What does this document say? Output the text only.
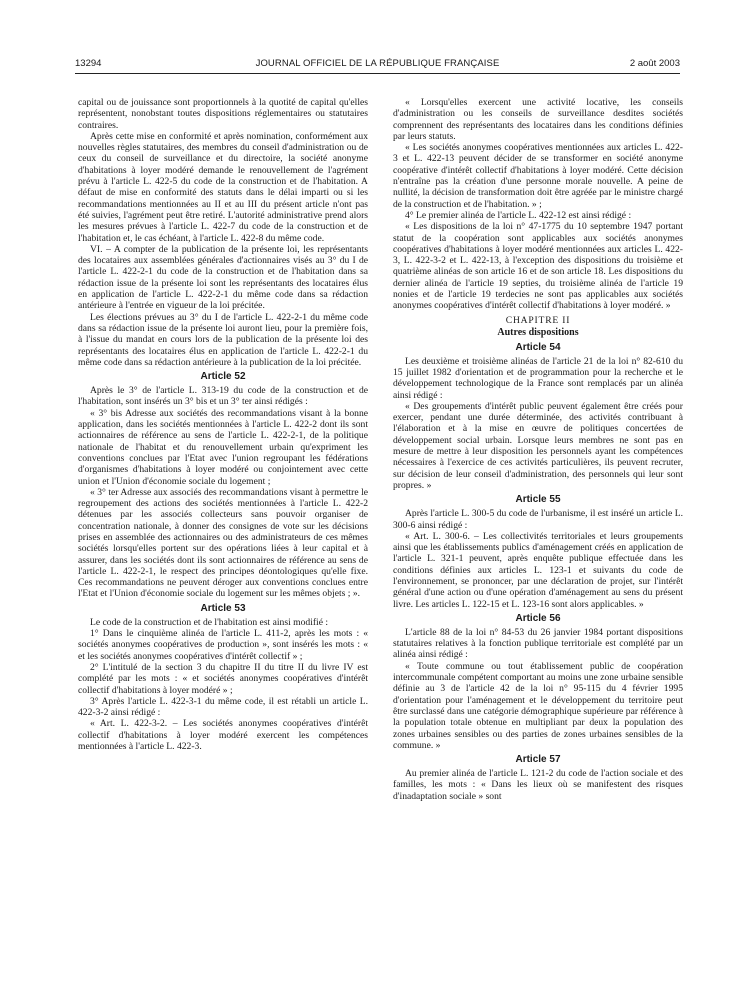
13294	JOURNAL OFFICIEL DE LA RÉPUBLIQUE FRANÇAISE	2 août 2003

capital ou de jouissance sont proportionnels à la quotité de capital qu'elles représentent, nonobstant toutes dispositions réglementaires ou statutaires contraires.

Après cette mise en conformité et après nomination, conformément aux nouvelles règles statutaires, des membres du conseil d'administration ou de ceux du conseil de surveillance et du directoire, la société anonyme d'habitations à loyer modéré demande le renouvellement de l'agrément prévu à l'article L. 422-5 du code de la construction et de l'habitation. A défaut de mise en conformité des statuts dans le délai imparti ou si les recommandations mentionnées au II et au III du présent article n'ont pas été suivies, l'agrément peut être retiré. L'autorité administrative prend alors les mesures prévues à l'article L. 422-7 du code de la construction et de l'habitation et, le cas échéant, à l'article L. 422-8 du même code.

VI. – A compter de la publication de la présente loi, les représentants des locataires aux assemblées générales d'actionnaires visés au 3° du I de l'article L. 422-2-1 du code de la construction et de l'habitation dans sa rédaction issue de la présente loi sont les représentants des locataires élus en application de l'article L. 422-2-1 du même code dans sa rédaction antérieure à l'entrée en vigueur de la loi précitée.

Les élections prévues au 3° du I de l'article L. 422-2-1 du même code dans sa rédaction issue de la présente loi auront lieu, pour la première fois, à l'issue du mandat en cours lors de la publication de la présente loi des représentants des locataires élus en application de l'article L. 422-2-1 du même code dans sa rédaction antérieure à la publication de la loi précitée.

Article 52

Après le 3° de l'article L. 313-19 du code de la construction et de l'habitation, sont insérés un 3° bis et un 3° ter ainsi rédigés :

« 3° bis Adresse aux sociétés des recommandations visant à la bonne application, dans les sociétés mentionnées à l'article L. 422-2 dont ils sont actionnaires de référence au sens de l'article L. 422-2-1, de la politique nationale de l'habitat et du renouvellement urbain qu'expriment les conventions conclues par l'Etat avec l'union regroupant les fédérations d'organismes d'habitations à loyer modéré ou conjointement avec cette union et l'Union d'économie sociale du logement ;

« 3° ter Adresse aux associés des recommandations visant à permettre le regroupement des actions des sociétés mentionnées à l'article L. 422-2 détenues par les associés collecteurs sans pouvoir organiser de concentration nationale, à donner des consignes de vote sur les décisions prises en assemblée des actionnaires ou des administrateurs de ces mêmes sociétés lorsqu'elles portent sur des opérations liées à leur capital et à assurer, dans les sociétés dont ils sont actionnaires de référence au sens de l'article L. 422-2-1, le respect des principes déontologiques qu'elle fixe. Ces recommandations ne peuvent déroger aux conventions conclues entre l'Etat et l'Union d'économie sociale du logement sur les mêmes objets ; ».

Article 53

Le code de la construction et de l'habitation est ainsi modifié :

1° Dans le cinquième alinéa de l'article L. 411-2, après les mots : « sociétés anonymes coopératives de production », sont insérés les mots : « et les sociétés anonymes coopératives d'intérêt collectif » ;

2° L'intitulé de la section 3 du chapitre II du titre II du livre IV est complété par les mots : « et sociétés anonymes coopératives d'intérêt collectif d'habitations à loyer modéré » ;

3° Après l'article L. 422-3-1 du même code, il est rétabli un article L. 422-3-2 ainsi rédigé :

« Art. L. 422-3-2. – Les sociétés anonymes coopératives d'intérêt collectif d'habitations à loyer modéré exercent les compétences mentionnées à l'article L. 422-3.

« Lorsqu'elles exercent une activité locative, les conseils d'administration ou les conseils de surveillance desdites sociétés comprennent des représentants des locataires dans les conditions définies par leurs statuts.

« Les sociétés anonymes coopératives mentionnées aux articles L. 422-3 et L. 422-13 peuvent décider de se transformer en société anonyme coopérative d'intérêt collectif d'habitations à loyer modéré. Cette décision n'entraîne pas la création d'une personne morale nouvelle. A peine de nullité, la décision de transformation doit être agréée par le ministre chargé de la construction et de l'habitation. » ;

4° Le premier alinéa de l'article L. 422-12 est ainsi rédigé :

« Les dispositions de la loi n° 47-1775 du 10 septembre 1947 portant statut de la coopération sont applicables aux sociétés anonymes coopératives d'habitations à loyer modéré mentionnées aux articles L. 422-3, L. 422-3-2 et L. 422-13, à l'exception des dispositions du troisième et quatrième alinéas de son article 16 et de son article 18. Les dispositions du dernier alinéa de l'article 19 septies, du troisième alinéa de l'article 19 nonies et de l'article 19 terdecies ne sont pas applicables aux sociétés anonymes coopératives d'intérêt collectif d'habitations à loyer modéré. »

CHAPITRE II
Autres dispositions
Article 54

Les deuxième et troisième alinéas de l'article 21 de la loi n° 82-610 du 15 juillet 1982 d'orientation et de programmation pour la recherche et le développement technologique de la France sont remplacés par un alinéa ainsi rédigé :

« Des groupements d'intérêt public peuvent également être créés pour exercer, pendant une durée déterminée, des activités contribuant à l'élaboration et à la mise en œuvre de politiques concertées de développement social urbain. Lorsque leurs membres ne sont pas en mesure de mettre à leur disposition les personnels ayant les compétences nécessaires à l'exercice de ces activités particulières, ils peuvent recruter, sur décision de leur conseil d'administration, des personnels qui leur sont propres. »

Article 55

Après l'article L. 300-5 du code de l'urbanisme, il est inséré un article L. 300-6 ainsi rédigé :

« Art. L. 300-6. – Les collectivités territoriales et leurs groupements ainsi que les établissements publics d'aménagement créés en application de l'article L. 321-1 peuvent, après enquête publique effectuée dans les conditions définies aux articles L. 123-1 et suivants du code de l'environnement, se prononcer, par une déclaration de projet, sur l'intérêt général d'une action ou d'une opération d'aménagement au sens du présent livre. Les articles L. 122-15 et L. 123-16 sont alors applicables. »

Article 56

L'article 88 de la loi n° 84-53 du 26 janvier 1984 portant dispositions statutaires relatives à la fonction publique territoriale est complété par un alinéa ainsi rédigé :

« Toute commune ou tout établissement public de coopération intercommunale compétent comportant au moins une zone urbaine sensible définie au 3 de l'article 42 de la loi n° 95-115 du 4 février 1995 d'orientation pour l'aménagement et le développement du territoire peut être surclassé dans une catégorie démographique supérieure par référence à la population totale obtenue en multipliant par deux la population des zones urbaines sensibles ou des parties de zones urbaines sensibles de la commune. »

Article 57

Au premier alinéa de l'article L. 121-2 du code de l'action sociale et des familles, les mots : « Dans les lieux où se manifestent des risques d'inadaptation sociale » sont
